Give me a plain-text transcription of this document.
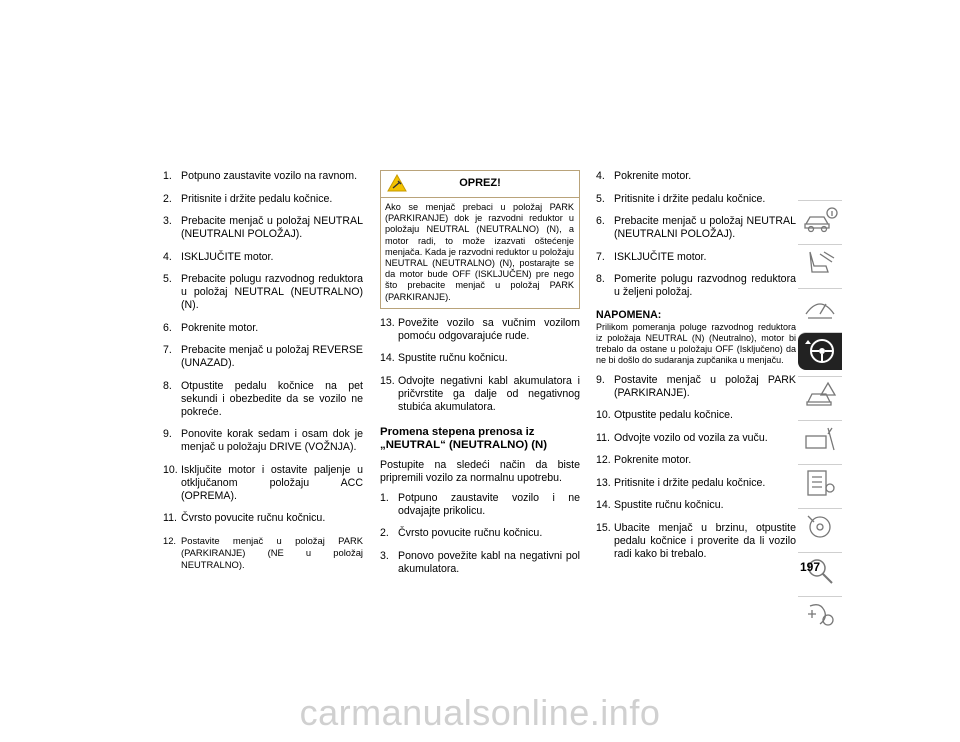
1. Potpuno zaustavite vozilo na ravnom.
2. Pritisnite i držite pedalu kočnice.
3. Prebacite menjač u položaj NEUTRAL (NEUTRALNI POLOŽAJ).
4. ISKLJUČITE motor.
5. Prebacite polugu razvodnog reduktora u položaj NEUTRAL (NEUTRALNO) (N).
6. Pokrenite motor.
7. Prebacite menjač u položaj REVERSE (UNAZAD).
8. Otpustite pedalu kočnice na pet sekundi i obezbedite da se vozilo ne pokreće.
9. Ponovite korak sedam i osam dok je menjač u položaju DRIVE (VOŽNJA).
10. Isključite motor i ostavite paljenje u otključanom položaju ACC (OPREMA).
11. Čvrsto povucite ručnu kočnicu.
12. Postavite menjač u položaj PARK (PARKIRANJE) (NE u položaj NEUTRALNO).
OPREZ!
Ako se menjač prebaci u položaj PARK (PARKIRANJE) dok je razvodni reduktor u položaju NEUTRAL (NEUTRALNO) (N), a motor radi, to može izazvati oštećenje menjača. Kada je razvodni reduktor u položaju NEUTRAL (NEUTRALNO) (N), postarajte se da motor bude OFF (ISKLJUČEN) pre nego što prebacite menjač u položaj PARK (PARKIRANJE).
13. Povežite vozilo sa vučnim vozilom pomoću odgovarajuće rude.
14. Spustite ručnu kočnicu.
15. Odvojte negativni kabl akumulatora i pričvrstite ga dalje od negativnog stubića akumulatora.
Promena stepena prenosa iz „NEUTRAL“ (NEUTRALNO) (N)

Postupite na sledeći način da biste pripremili vozilo za normalnu upotrebu.

1. Potpuno zaustavite vozilo i ne odvajajte prikolicu.
2. Čvrsto povucite ručnu kočnicu.
3. Ponovo povežite kabl na negativni pol akumulatora.
4. Pokrenite motor.
5. Pritisnite i držite pedalu kočnice.
6. Prebacite menjač u položaj NEUTRAL (NEUTRALNI POLOŽAJ).
7. ISKLJUČITE motor.
8. Pomerite polugu razvodnog reduktora u željeni položaj.
NAPOMENA:
Prilikom pomeranja poluge razvodnog reduktora iz položaja NEUTRAL (N) (Neutralno), motor bi trebalo da ostane u položaju OFF (Isključeno) da ne bi došlo do sudaranja zupčanika u menjaču.
9. Postavite menjač u položaj PARK (PARKIRANJE).
10. Otpustite pedalu kočnice.
11. Odvojte vozilo od vozila za vuču.
12. Pokrenite motor.
13. Pritisnite i držite pedalu kočnice.
14. Spustite ručnu kočnicu.
15. Ubacite menjač u brzinu, otpustite pedalu kočnice i proverite da li vozilo radi kako bi trebalo.
197
carmanualsonline.info
